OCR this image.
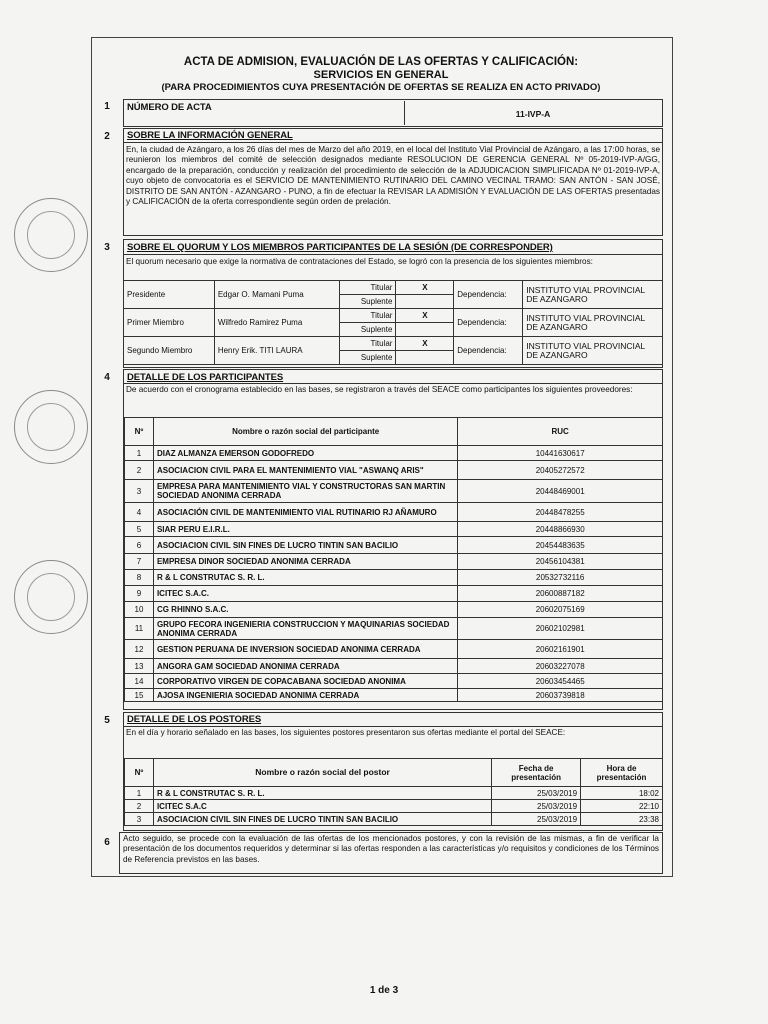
ACTA DE ADMISION, EVALUACIÓN DE LAS OFERTAS Y CALIFICACIÓN:
SERVICIOS EN GENERAL
(PARA PROCEDIMIENTOS CUYA PRESENTACIÓN DE OFERTAS SE REALIZA EN ACTO PRIVADO)
1	NÚMERO DE ACTA
11-IVP-A
2	SOBRE LA INFORMACIÓN GENERAL
En, la ciudad de Azángaro, a los 26 días del mes de Marzo del año 2019, en el local del Instituto Vial Provincial de Azángaro, a las 17:00 horas, se reunieron los miembros del comité de selección designados mediante RESOLUCION DE GERENCIA GENERAL Nº 05-2019-IVP-A/GG, encargado de la preparación, conducción y realización del procedimiento de selección de la ADJUDICACION SIMPLIFICADA Nº 01-2019-IVP-A, cuyo objeto de convocatoria es el SERVICIO DE MANTENIMIENTO RUTINARIO DEL CAMINO VECINAL TRAMO: SAN ANTÓN - SAN JOSÉ, DISTRITO DE SAN ANTÓN - AZANGARO - PUNO, a fin de efectuar la REVISAR LA ADMISIÓN Y EVALUACIÓN DE LAS OFERTAS presentadas y CALIFICACIÓN de la oferta correspondiente según orden de prelación.
3	SOBRE EL QUORUM Y LOS MIEMBROS PARTICIPANTES DE LA SESIÓN (DE CORRESPONDER)
El quorum necesario que exige la normativa de contrataciones del Estado, se logró con la presencia de los siguientes miembros:
Presidente	Edgar O. Mamani Puma	Titular	X	Dependencia:	INSTITUTO VIAL PROVINCIAL DE AZANGARO
		Suplente			
Primer Miembro	Wilfredo Ramirez Puma	Titular	X	Dependencia:	INSTITUTO VIAL PROVINCIAL DE AZANGARO
		Suplente			
Segundo Miembro	Henry Erik. TITI LAURA	Titular	X	Dependencia:	INSTITUTO VIAL PROVINCIAL DE AZANGARO
		Suplente			
4	DETALLE DE LOS PARTICIPANTES
De acuerdo con el cronograma establecido en las bases, se registraron a través del SEACE como participantes los siguientes proveedores:
Nº	Nombre o razón social del participante	RUC
1	DIAZ ALMANZA EMERSON GODOFREDO	10441630617
2	ASOCIACION CIVIL PARA EL MANTENIMIENTO VIAL "ASWANQ ARIS"	20405272572
3	EMPRESA PARA MANTENIMIENTO VIAL Y CONSTRUCTORAS SAN MARTIN SOCIEDAD ANONIMA CERRADA	20448469001
4	ASOCIACIÓN CIVIL DE MANTENIMIENTO VIAL RUTINARIO RJ AÑAMURO	20448478255
5	SIAR PERU E.I.R.L.	20448866930
6	ASOCIACION CIVIL SIN FINES DE LUCRO TINTIN SAN BACILIO	20454483635
7	EMPRESA DINOR SOCIEDAD ANONIMA CERRADA	20456104381
8	R & L CONSTRUTAC S. R. L.	20532732116
9	ICITEC S.A.C.	20600887182
10	CG RHINNO S.A.C.	20602075169
11	GRUPO FECORA INGENIERIA CONSTRUCCION Y MAQUINARIAS SOCIEDAD ANONIMA CERRADA	20602102981
12	GESTION PERUANA DE INVERSION SOCIEDAD ANONIMA CERRADA	20602161901
13	ANGORA GAM SOCIEDAD ANONIMA CERRADA	20603227078
14	CORPORATIVO VIRGEN DE COPACABANA SOCIEDAD ANONIMA	20603454465
15	AJOSA INGENIERIA SOCIEDAD ANONIMA CERRADA	20603739818
5	DETALLE DE LOS POSTORES
En el día y horario señalado en las bases, los siguientes postores presentaron sus ofertas mediante el portal del SEACE:
Nº	Nombre o razón social del postor	Fecha de presentación	Hora de presentación
1	R & L CONSTRUTAC S. R. L.	25/03/2019	18:02
2	ICITEC S.A.C	25/03/2019	22:10
3	ASOCIACION CIVIL SIN FINES DE LUCRO TINTIN SAN BACILIO	25/03/2019	23:38
6	Acto seguido, se procede con la evaluación de las ofertas de los mencionados postores, y con la revisión de las mismas, a fin de verificar la presentación de los documentos requeridos y determinar si las ofertas responden a las características y/o requisitos y condiciones de los Términos de Referencia previstos en las bases.
1 de 3
